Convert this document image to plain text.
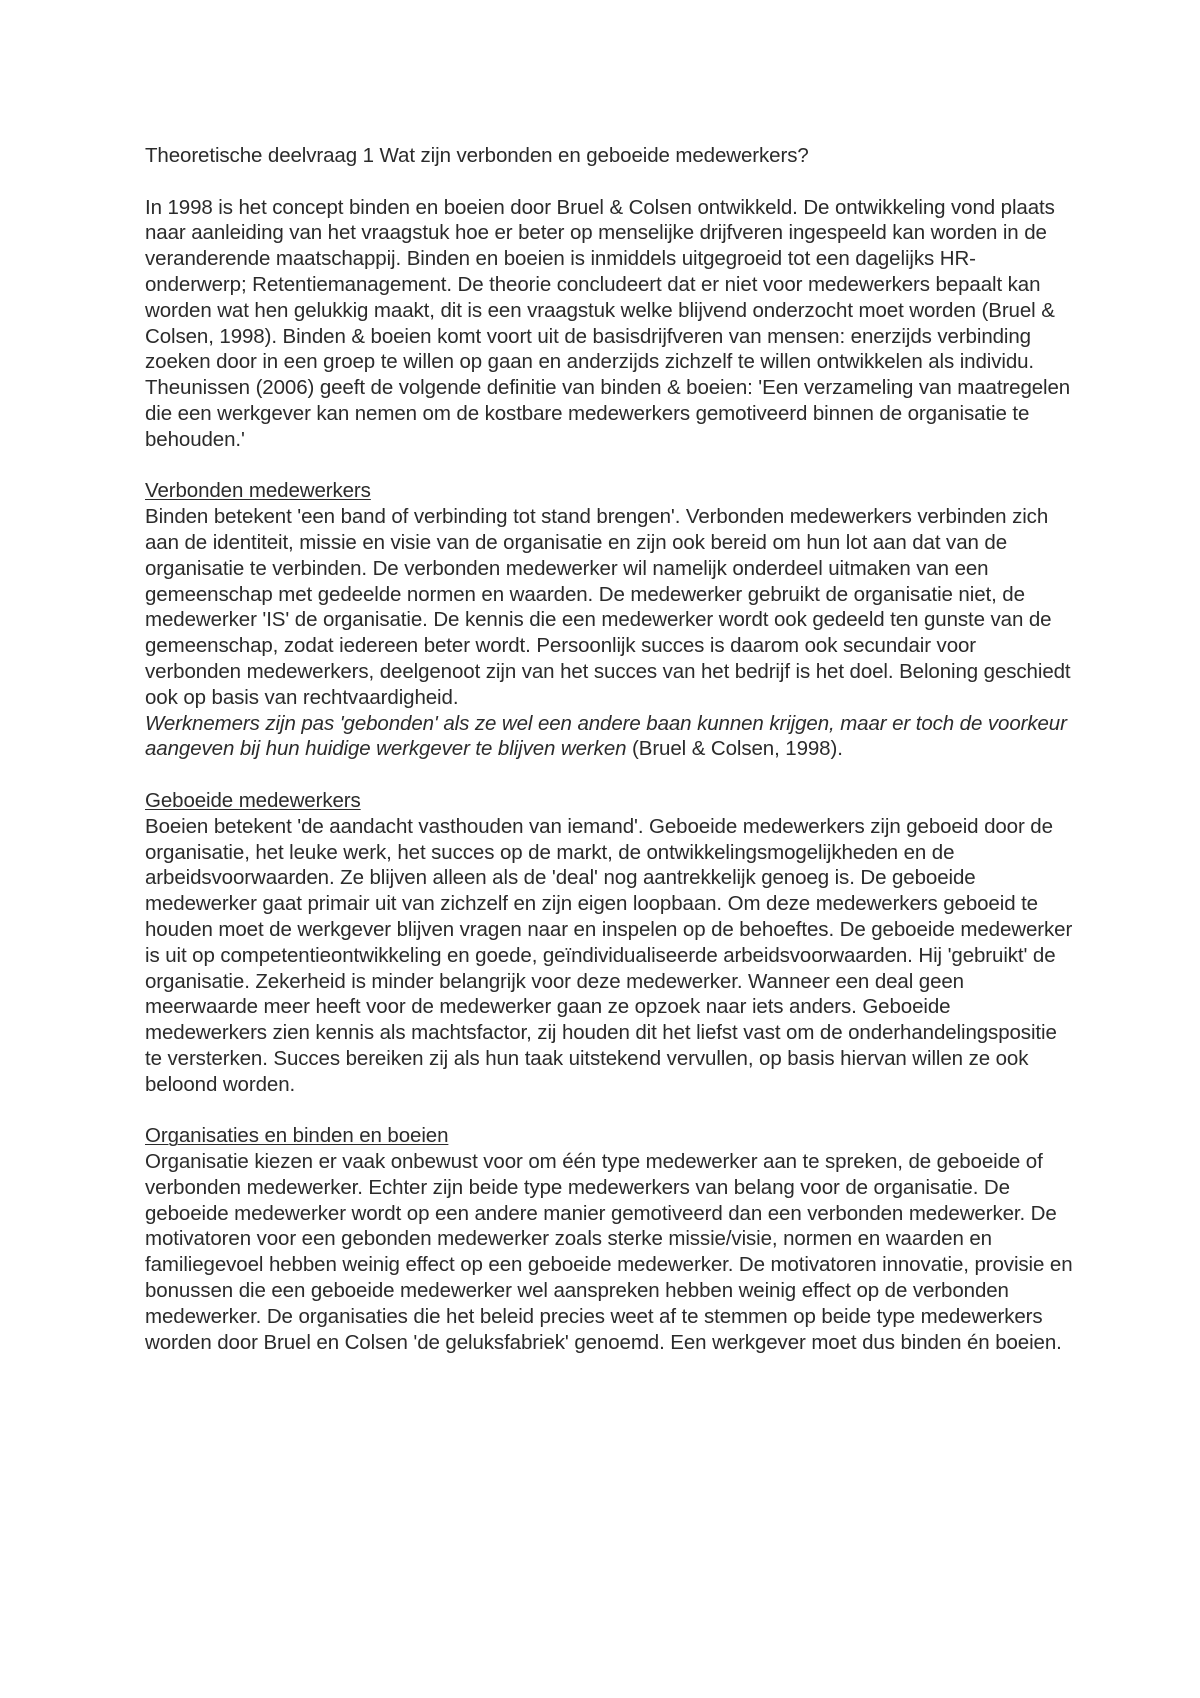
Theoretische deelvraag 1 Wat zijn verbonden en geboeide medewerkers?

In 1998 is het concept binden en boeien door Bruel & Colsen ontwikkeld. De ontwikkeling vond plaats naar aanleiding van het vraagstuk hoe er beter op menselijke drijfveren ingespeeld kan worden in de veranderende maatschappij. Binden en boeien is inmiddels uitgegroeid tot een dagelijks HR-onderwerp; Retentiemanagement. De theorie concludeert dat er niet voor medewerkers bepaalt kan worden wat hen gelukkig maakt, dit is een vraagstuk welke blijvend onderzocht moet worden (Bruel & Colsen, 1998). Binden & boeien komt voort uit de basisdrijfveren van mensen: enerzijds verbinding zoeken door in een groep te willen op gaan en anderzijds zichzelf te willen ontwikkelen als individu. Theunissen (2006) geeft de volgende definitie van binden & boeien: 'Een verzameling van maatregelen die een werkgever kan nemen om de kostbare medewerkers gemotiveerd binnen de organisatie te behouden.'

Verbonden medewerkers

Binden betekent 'een band of verbinding tot stand brengen'. Verbonden medewerkers verbinden zich aan de identiteit, missie en visie van de organisatie en zijn ook bereid om hun lot aan dat van de organisatie te verbinden. De verbonden medewerker wil namelijk onderdeel uitmaken van een gemeenschap met gedeelde normen en waarden. De medewerker gebruikt de organisatie niet, de medewerker 'IS' de organisatie. De kennis die een medewerker wordt ook gedeeld ten gunste van de gemeenschap, zodat iedereen beter wordt. Persoonlijk succes is daarom ook secundair voor verbonden medewerkers, deelgenoot zijn van het succes van het bedrijf is het doel. Beloning geschiedt ook op basis van rechtvaardigheid.

Werknemers zijn pas 'gebonden' als ze wel een andere baan kunnen krijgen, maar er toch de voorkeur aangeven bij hun huidige werkgever te blijven werken (Bruel & Colsen, 1998).

Geboeide medewerkers

Boeien betekent 'de aandacht vasthouden van iemand'. Geboeide medewerkers zijn geboeid door de organisatie, het leuke werk, het succes op de markt, de ontwikkelingsmogelijkheden en de arbeidsvoorwaarden. Ze blijven alleen als de 'deal' nog aantrekkelijk genoeg is. De geboeide medewerker gaat primair uit van zichzelf en zijn eigen loopbaan. Om deze medewerkers geboeid te houden moet de werkgever blijven vragen naar en inspelen op de behoeftes. De geboeide medewerker is uit op competentieontwikkeling en goede, geïndividualiseerde arbeidsvoorwaarden. Hij 'gebruikt' de organisatie. Zekerheid is minder belangrijk voor deze medewerker. Wanneer een deal geen meerwaarde meer heeft voor de medewerker gaan ze opzoek naar iets anders. Geboeide medewerkers zien kennis als machtsfactor, zij houden dit het liefst vast om de onderhandelingspositie te versterken. Succes bereiken zij als hun taak uitstekend vervullen, op basis hiervan willen ze ook beloond worden.

Organisaties en binden en boeien

Organisatie kiezen er vaak onbewust voor om één type medewerker aan te spreken, de geboeide of verbonden medewerker. Echter zijn beide type medewerkers van belang voor de organisatie. De geboeide medewerker wordt op een andere manier gemotiveerd dan een verbonden medewerker. De motivatoren voor een gebonden medewerker zoals sterke missie/visie, normen en waarden en familiegevoel hebben weinig effect op een geboeide medewerker. De motivatoren innovatie, provisie en bonussen die een geboeide medewerker wel aanspreken hebben weinig effect op de verbonden medewerker. De organisaties die het beleid precies weet af te stemmen op beide type medewerkers worden door Bruel en Colsen 'de geluksfabriek' genoemd. Een werkgever moet dus binden én boeien.
